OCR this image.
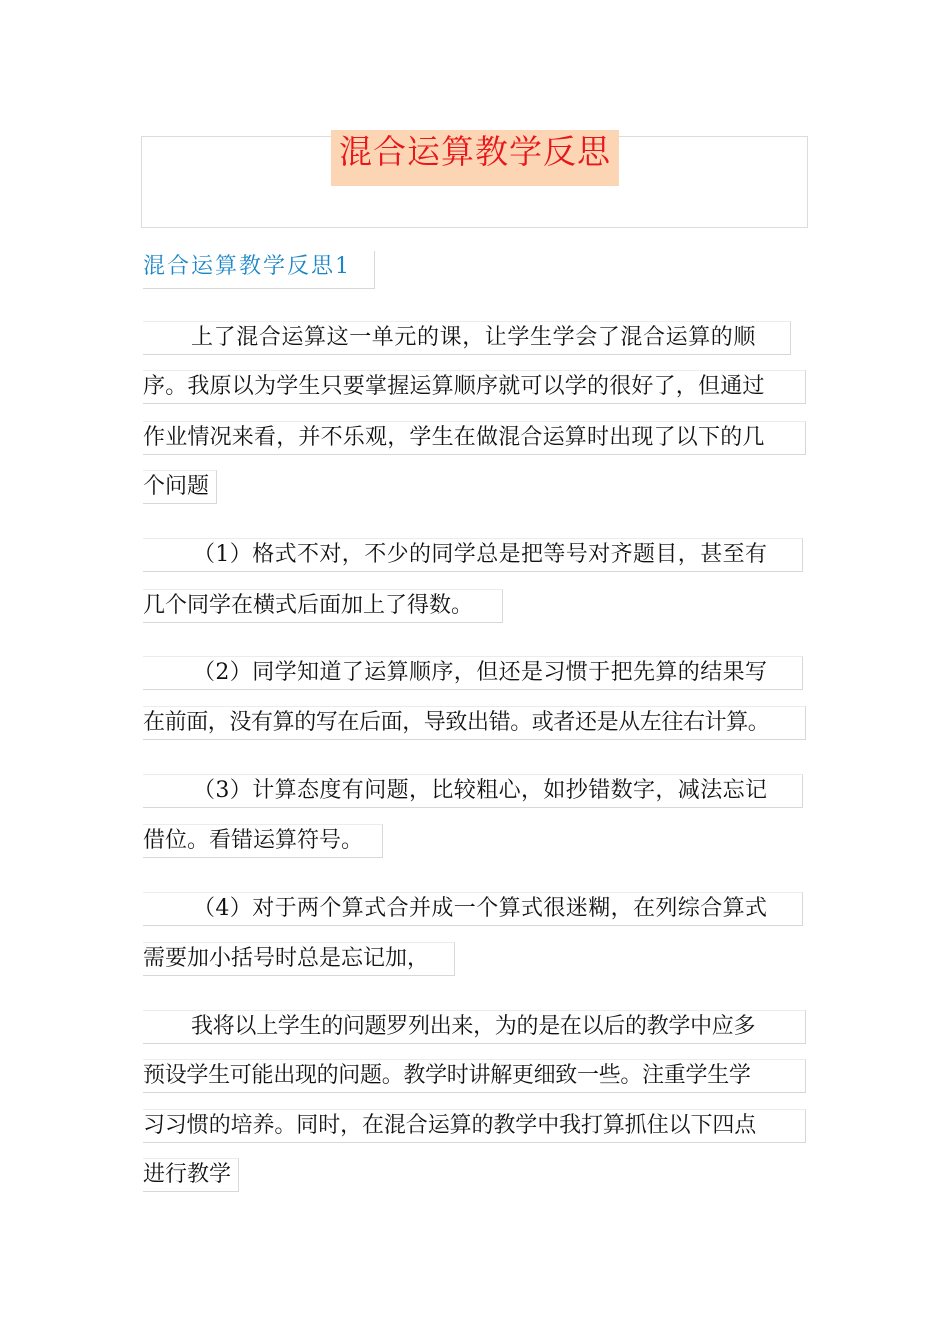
混合运算教学反思
混合运算教学反思1
上了混合运算这一单元的课，让学生学会了混合运算的顺
序。我原以为学生只要掌握运算顺序就可以学的很好了，但通过
作业情况来看，并不乐观，学生在做混合运算时出现了以下的几
个问题
（1）格式不对，不少的同学总是把等号对齐题目，甚至有
几个同学在横式后面加上了得数。
（2）同学知道了运算顺序，但还是习惯于把先算的结果写
在前面，没有算的写在后面，导致出错。或者还是从左往右计算。
（3）计算态度有问题，比较粗心，如抄错数字，减法忘记
借位。看错运算符号。
（4）对于两个算式合并成一个算式很迷糊，在列综合算式
需要加小括号时总是忘记加，
我将以上学生的问题罗列出来，为的是在以后的教学中应多
预设学生可能出现的问题。教学时讲解更细致一些。注重学生学
习习惯的培养。同时，在混合运算的教学中我打算抓住以下四点
进行教学
